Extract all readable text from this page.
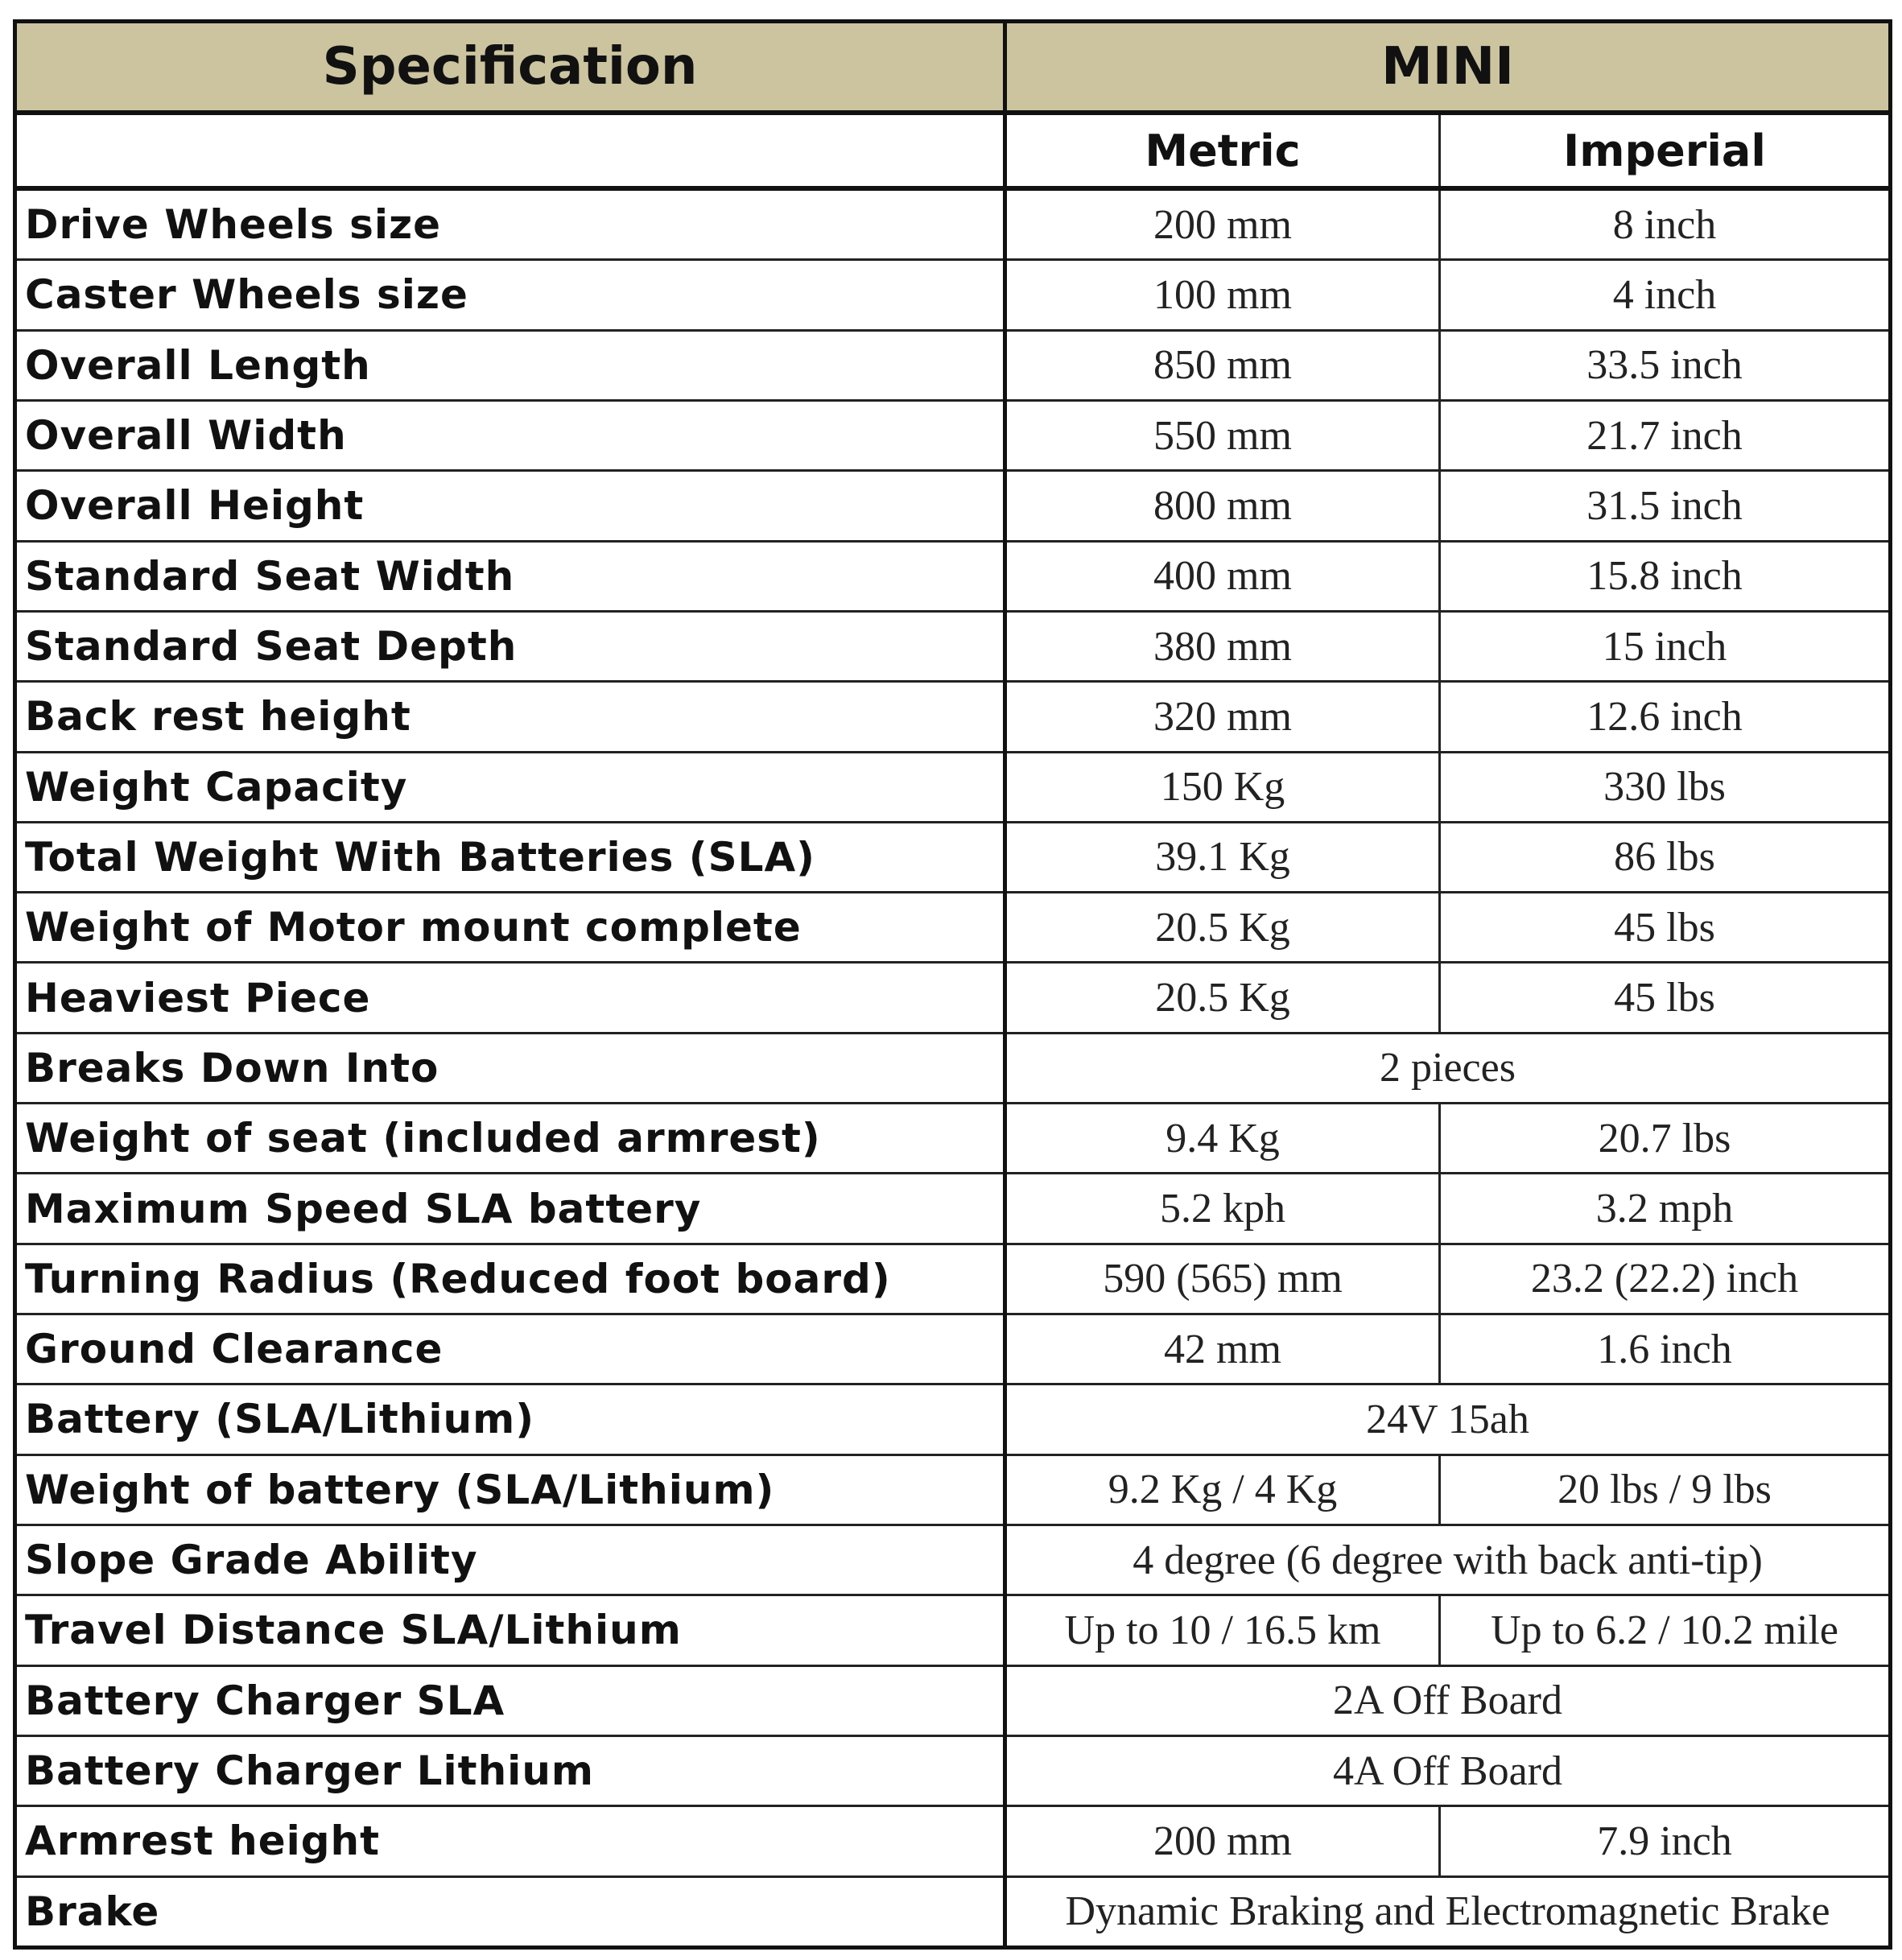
Specification	MINI	
	Metric	Imperial
Drive Wheels size	200 mm	8 inch
Caster Wheels size	100 mm	4 inch
Overall Length	850 mm	33.5 inch
Overall Width	550 mm	21.7 inch
Overall Height	800 mm	31.5 inch
Standard Seat Width	400 mm	15.8 inch
Standard Seat Depth	380 mm	15 inch
Back rest height	320 mm	12.6 inch
Weight Capacity	150 Kg	330 lbs
Total Weight With Batteries (SLA)	39.1 Kg	86 lbs
Weight of Motor mount complete	20.5 Kg	45 lbs
Heaviest Piece	20.5 Kg	45 lbs
Breaks Down Into	2 pieces	
Weight of seat (included armrest)	9.4 Kg	20.7 lbs
Maximum Speed SLA battery	5.2 kph	3.2 mph
Turning Radius (Reduced foot board)	590 (565) mm	23.2 (22.2) inch
Ground Clearance	42 mm	1.6 inch
Battery (SLA/Lithium)	24V 15ah	
Weight of battery (SLA/Lithium)	9.2 Kg / 4 Kg	20 lbs / 9 lbs
Slope Grade Ability	4 degree (6 degree with back anti-tip)	
Travel Distance SLA/Lithium	Up to 10 / 16.5 km	Up to 6.2 / 10.2 mile
Battery Charger SLA	2A Off Board	
Battery Charger Lithium	4A Off Board	
Armrest height	200 mm	7.9 inch
Brake	Dynamic Braking and Electromagnetic Brake	
